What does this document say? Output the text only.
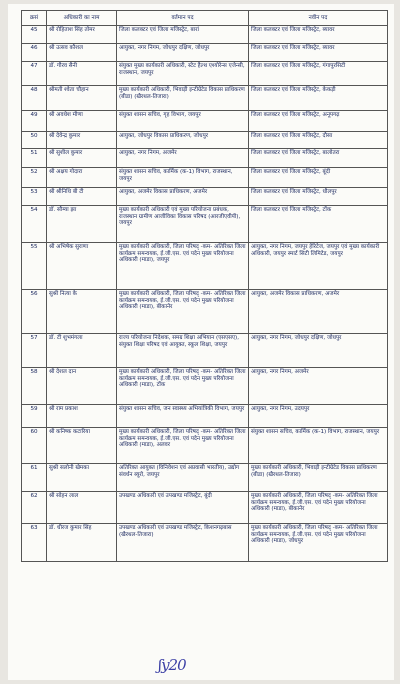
क्रसं	अधिकारी का नाम	वर्तमान पद	नवीन पद
45	श्री रोहिताश सिंह तोमर	जिला कलक्टर एवं जिला मजिस्ट्रेट, बारां	जिला कलक्टर एवं जिला मजिस्ट्रेट, ब्यावर
46	श्री उत्सव कौशल	आयुक्त, नगर निगम, जोधपुर दक्षिण, जोधपुर	जिला कलक्टर एवं जिला मजिस्ट्रेट, ब्यावर
47	डॉ. गौरव सैनी	संयुक्त मुख्य कार्यकारी अधिकारी, स्टेट हैल्थ एश्योरेन्स एजेन्सी, राजस्थान, जयपुर	जिला कलक्टर एवं जिला मजिस्ट्रेट, गंगापुरसिटी
48	श्रीमती श्वेता चौहान	मुख्य कार्यकारी अधिकारी, भिवाड़ी इन्टीग्रेटेड विकास प्राधिकरण (बीडा) (खैरथल-तिजारा)	जिला कलक्टर एवं जिला मजिस्ट्रेट, केकड़ी
49	श्री अवधेश मीणा	संयुक्त शासन सचिव, गृह विभाग, जयपुर	जिला कलक्टर एवं जिला मजिस्ट्रेट, अनूपगढ़
50	श्री देवेन्द्र कुमार	आयुक्त, जोधपुर विकास प्राधिकरण, जोधपुर	जिला कलक्टर एवं जिला मजिस्ट्रेट, दौसा
51	श्री सुशील कुमार	आयुक्त, नगर निगम, अजमेर	जिला कलक्टर एवं जिला मजिस्ट्रेट, बालोतरा
52	श्री अक्षय गोदारा	संयुक्त शासन सचिव, कार्मिक (क-1) विभाग, राजस्थान, जयपुर	जिला कलक्टर एवं जिला मजिस्ट्रेट, बूंदी
53	श्री श्रीनिधि बी टी	आयुक्त, अजमेर विकास प्राधिकरण, अजमेर	जिला कलक्टर एवं जिला मजिस्ट्रेट, धौलपुर
54	डॉ. सौम्या झा	मुख्य कार्यकारी अधिकारी एवं मुख्य परियोजना प्रबंधक, राजस्थान ग्रामीण आजीविका विकास परिषद (आरजीएवीपी), जयपुर	जिला कलक्टर एवं जिला मजिस्ट्रेट, टोंक
55	श्री अभिषेक सुराणा	मुख्य कार्यकारी अधिकारी, जिला परिषद् -कम- अतिरिक्त जिला कार्यक्रम समन्वयक, ई.जी.एस. एवं पदेन मुख्य परियोजना अधिकारी (माडा), जयपुर	आयुक्त, नगर निगम, जयपुर हेरिटेज, जयपुर एवं मुख्य कार्यकारी अधिकारी, जयपुर स्मार्ट सिटी लिमिटेड, जयपुर
56	सुश्री नित्या के	मुख्य कार्यकारी अधिकारी, जिला परिषद् -कम- अतिरिक्त जिला कार्यक्रम समन्वयक, ई.जी.एस. एवं पदेन मुख्य परियोजना अधिकारी (माडा), बीकानेर	आयुक्त, अजमेर विकास प्राधिकरण, अजमेर
57	डॉ. टी शुभमंगला	राज्य परियोजना निदेशक, समग्र शिक्षा अभियान (एसएसए), संयुक्त शिक्षा परिषद एवं आयुक्त, स्कूल शिक्षा, जयपुर	आयुक्त, नगर निगम, जोधपुर दक्षिण, जोधपुर
58	श्री देशल दान	मुख्य कार्यकारी अधिकारी, जिला परिषद् -कम- अतिरिक्त जिला कार्यक्रम समन्वयक, ई.जी.एस. एवं पदेन मुख्य परियोजना अधिकारी (माडा), टोंक	आयुक्त, नगर निगम, अजमेर
59	श्री राम प्रकाश	संयुक्त शासन सचिव, जन स्वास्थ्य अभियांत्रिकी विभाग, जयपुर	आयुक्त, नगर निगम, उदयपुर
60	श्री कनिष्क कटारिया	मुख्य कार्यकारी अधिकारी, जिला परिषद् -कम- अतिरिक्त जिला कार्यक्रम समन्वयक, ई.जी.एस. एवं पदेन मुख्य परियोजना अधिकारी (माडा), अलवर	संयुक्त शासन सचिव, कार्मिक (क-1) विभाग, राजस्थान, जयपुर
61	सुश्री सलोनी खेमका	अतिरिक्त आयुक्त (विनिवेशन एवं अप्रवासी भारतीय), उद्योग संवर्धन ब्यूरो, जयपुर	मुख्य कार्यकारी अधिकारी, भिवाड़ी इन्टीग्रेटेड विकास प्राधिकरण (बीडा) (खैरथल-तिजारा)
62	श्री सोहन लाल	उपखण्ड अधिकारी एवं उपखण्ड मजिस्ट्रेट, बूंदी	मुख्य कार्यकारी अधिकारी, जिला परिषद् -कम- अतिरिक्त जिला कार्यक्रम समन्वयक, ई.जी.एस. एवं पदेन मुख्य परियोजना अधिकारी (माडा), बीकानेर
63	डॉ. धीरज कुमार सिंह	उपखण्ड अधिकारी एवं उपखण्ड मजिस्ट्रेट, किशनगढ़बास (खैरथल-तिजारा)	मुख्य कार्यकारी अधिकारी, जिला परिषद् -कम- अतिरिक्त जिला कार्यक्रम समन्वयक, ई.जी.एस. एवं पदेन मुख्य परियोजना अधिकारी (माडा), जोधपुर
ʃy20
